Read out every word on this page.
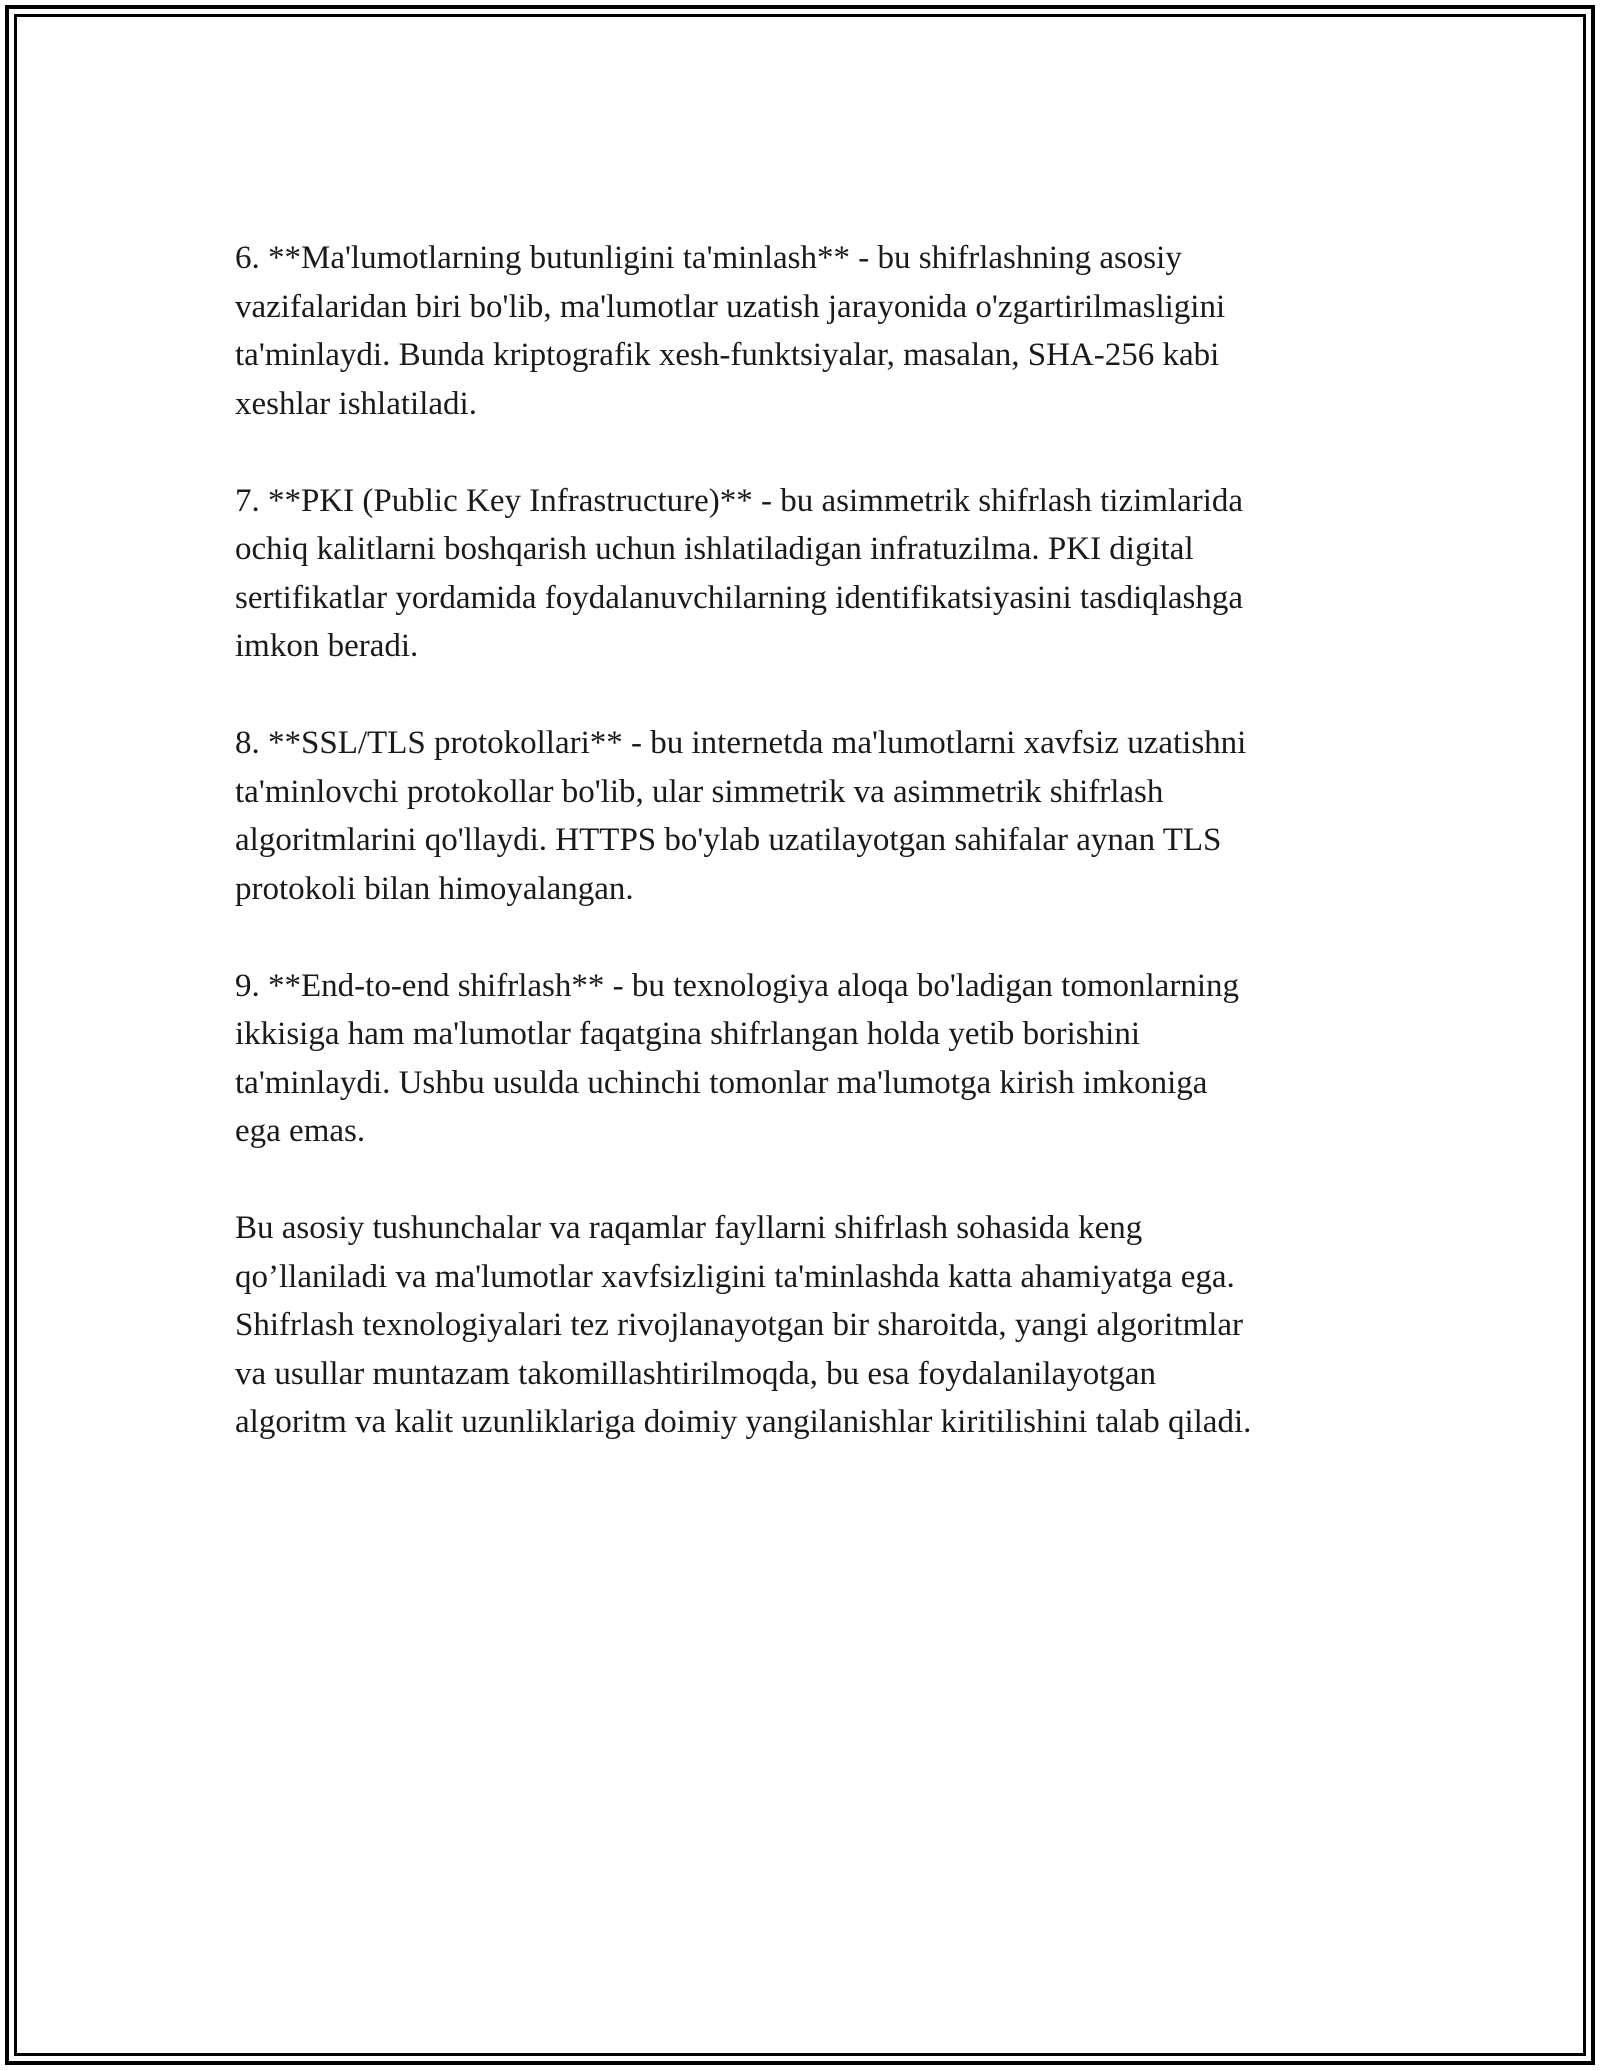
6. **Ma'lumotlarning butunligini ta'minlash** - bu shifrlashning asosiy
vazifalaridan biri bo'lib, ma'lumotlar uzatish jarayonida o'zgartirilmasligini
ta'minlaydi. Bunda kriptografik xesh-funktsiyalar, masalan, SHA-256 kabi
xeshlar ishlatiladi.

7. **PKI (Public Key Infrastructure)** - bu asimmetrik shifrlash tizimlarida
ochiq kalitlarni boshqarish uchun ishlatiladigan infratuzilma. PKI digital
sertifikatlar yordamida foydalanuvchilarning identifikatsiyasini tasdiqlashga
imkon beradi.

8. **SSL/TLS protokollari** - bu internetda ma'lumotlarni xavfsiz uzatishni
ta'minlovchi protokollar bo'lib, ular simmetrik va asimmetrik shifrlash
algoritmlarini qo'llaydi. HTTPS bo'ylab uzatilayotgan sahifalar aynan TLS
protokoli bilan himoyalangan.

9. **End-to-end shifrlash** - bu texnologiya aloqa bo'ladigan tomonlarning
ikkisiga ham ma'lumotlar faqatgina shifrlangan holda yetib borishini
ta'minlaydi. Ushbu usulda uchinchi tomonlar ma'lumotga kirish imkoniga
ega emas.

Bu asosiy tushunchalar va raqamlar fayllarni shifrlash sohasida keng
qo’llaniladi va ma'lumotlar xavfsizligini ta'minlashda katta ahamiyatga ega.
Shifrlash texnologiyalari tez rivojlanayotgan bir sharoitda, yangi algoritmlar
va usullar muntazam takomillashtirilmoqda, bu esa foydalanilayotgan
algoritm va kalit uzunliklariga doimiy yangilanishlar kiritilishini talab qiladi.
